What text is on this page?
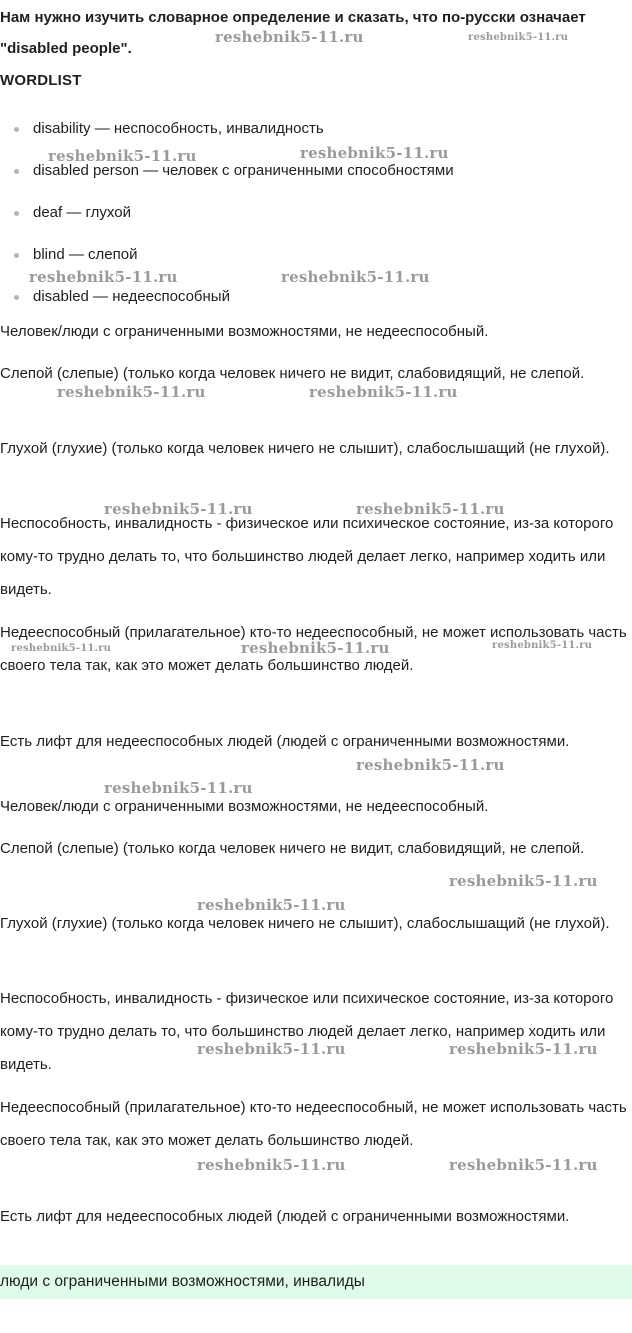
Нам нужно изучить словарное определение и сказать, что по-русски означает "disabled people".

WORDLIST
disability — неспособность, инвалидность
disabled person — человек с ограниченными способностями
deaf — глухой
blind — слепой
disabled — недееспособный

Человек/люди с ограниченными возможностями, не недееспособный.

Слепой (слепые) (только когда человек ничего не видит, слабовидящий, не слепой.

Глухой (глухие) (только когда человек ничего не слышит), слабослышащий (не глухой).

Неспособность, инвалидность - физическое или психическое состояние, из-за которого кому-то трудно делать то, что большинство людей делает легко, например ходить или видеть.

Недееспособный (прилагательное) кто-то недееспособный, не может использовать часть своего тела так, как это может делать большинство людей.

Есть лифт для недееспособных людей (людей с ограниченными возможностями.

Человек/люди с ограниченными возможностями, не недееспособный.

Слепой (слепые) (только когда человек ничего не видит, слабовидящий, не слепой.

Глухой (глухие) (только когда человек ничего не слышит), слабослышащий (не глухой).

Неспособность, инвалидность - физическое или психическое состояние, из-за которого кому-то трудно делать то, что большинство людей делает легко, например ходить или видеть.

Недееспособный (прилагательное) кто-то недееспособный, не может использовать часть своего тела так, как это может делать большинство людей.

Есть лифт для недееспособных людей (людей с ограниченными возможностями.

люди с ограниченными возможностями, инвалиды
reshebnik5-11.ru	reshebnik5-11.ru
reshebnik5-11.ru	reshebnik5-11.ru
reshebnik5-11.ru	reshebnik5-11.ru
reshebnik5-11.ru	reshebnik5-11.ru
reshebnik5-11.ru	reshebnik5-11.ru
reshebnik5-11.ru	reshebnik5-11.ru	reshebnik5-11.ru
reshebnik5-11.ru
reshebnik5-11.ru
reshebnik5-11.ru
reshebnik5-11.ru
reshebnik5-11.ru	reshebnik5-11.ru
reshebnik5-11.ru	reshebnik5-11.ru
